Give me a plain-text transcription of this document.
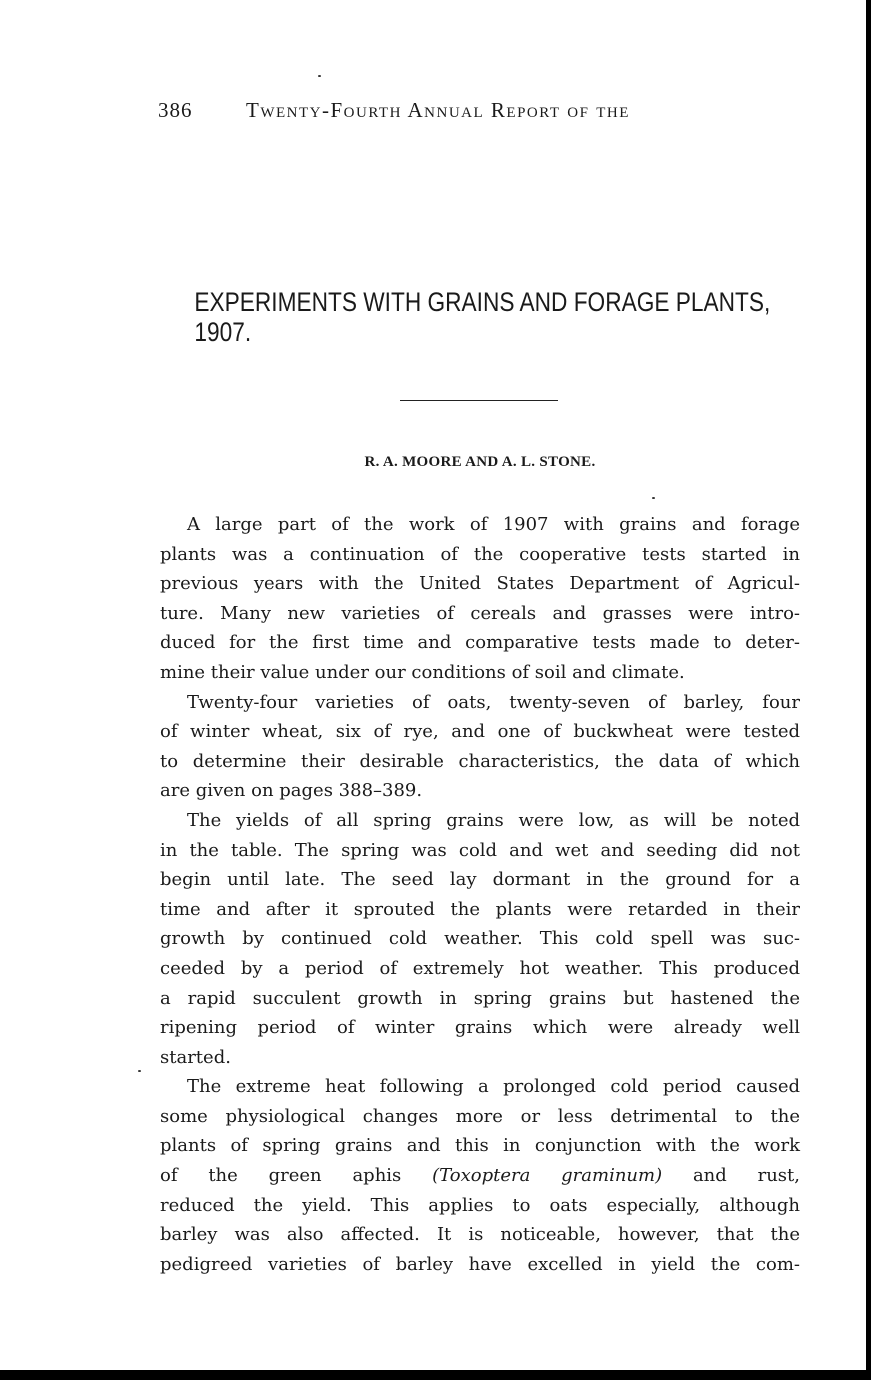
386	Twenty-Fourth Annual Report of the
EXPERIMENTS WITH GRAINS AND FORAGE PLANTS,
1907.
R. A. MOORE AND A. L. STONE.
A large part of the work of 1907 with grains and forage
plants was a continuation of the cooperative tests started in
previous years with the United States Department of Agricul-
ture. Many new varieties of cereals and grasses were intro-
duced for the first time and comparative tests made to deter-
mine their value under our conditions of soil and climate.
Twenty-four varieties of oats, twenty-seven of barley, four
of winter wheat, six of rye, and one of buckwheat were tested
to determine their desirable characteristics, the data of which
are given on pages 388–389.
The yields of all spring grains were low, as will be noted
in the table. The spring was cold and wet and seeding did not
begin until late. The seed lay dormant in the ground for a
time and after it sprouted the plants were retarded in their
growth by continued cold weather. This cold spell was suc-
ceeded by a period of extremely hot weather. This produced
a rapid succulent growth in spring grains but hastened the
ripening period of winter grains which were already well
started.
The extreme heat following a prolonged cold period caused
some physiological changes more or less detrimental to the
plants of spring grains and this in conjunction with the work
of the green aphis (Toxoptera graminum) and rust,
reduced the yield. This applies to oats especially, although
barley was also affected. It is noticeable, however, that the
pedigreed varieties of barley have excelled in yield the com-
